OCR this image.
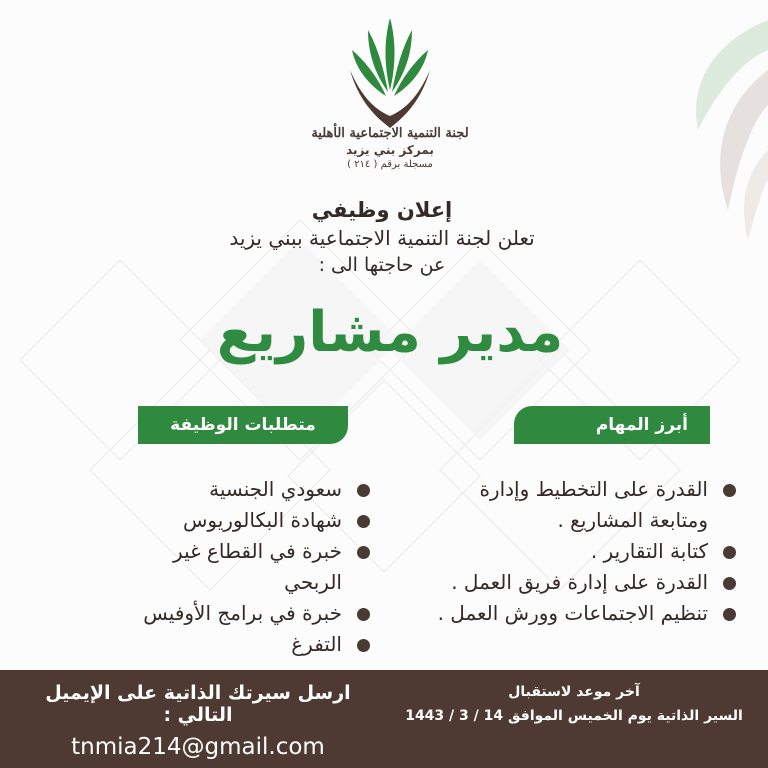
لجنة التنمية الاجتماعية الأهلية
بمركز بني يزيد
مسجلة برقم ( ٢١٤ )
إعلان وظيفي
تعلن لجنة التنمية الاجتماعية ببني يزيد
عن حاجتها الى :
مدير مشاريع
متطلبات الوظيفة	أبرز المهام
سعودي الجنسية
شهادة البكالوريوس
خبرة في القطاع غير الربحي
خبرة في برامج الأوفيس
التفرغ
القدرة على التخطيط وإدارة ومتابعة المشاريع .
كتابة التقارير .
القدرة على إدارة فريق العمل .
تنظيم الاجتماعات وورش العمل .
ارسل سيرتك الذاتية على الإيميل التالي :
tnmia214@gmail.com
آخر موعد لاستقبال
السير الذاتية يوم الخميس الموافق 14 / 3 / 1443
